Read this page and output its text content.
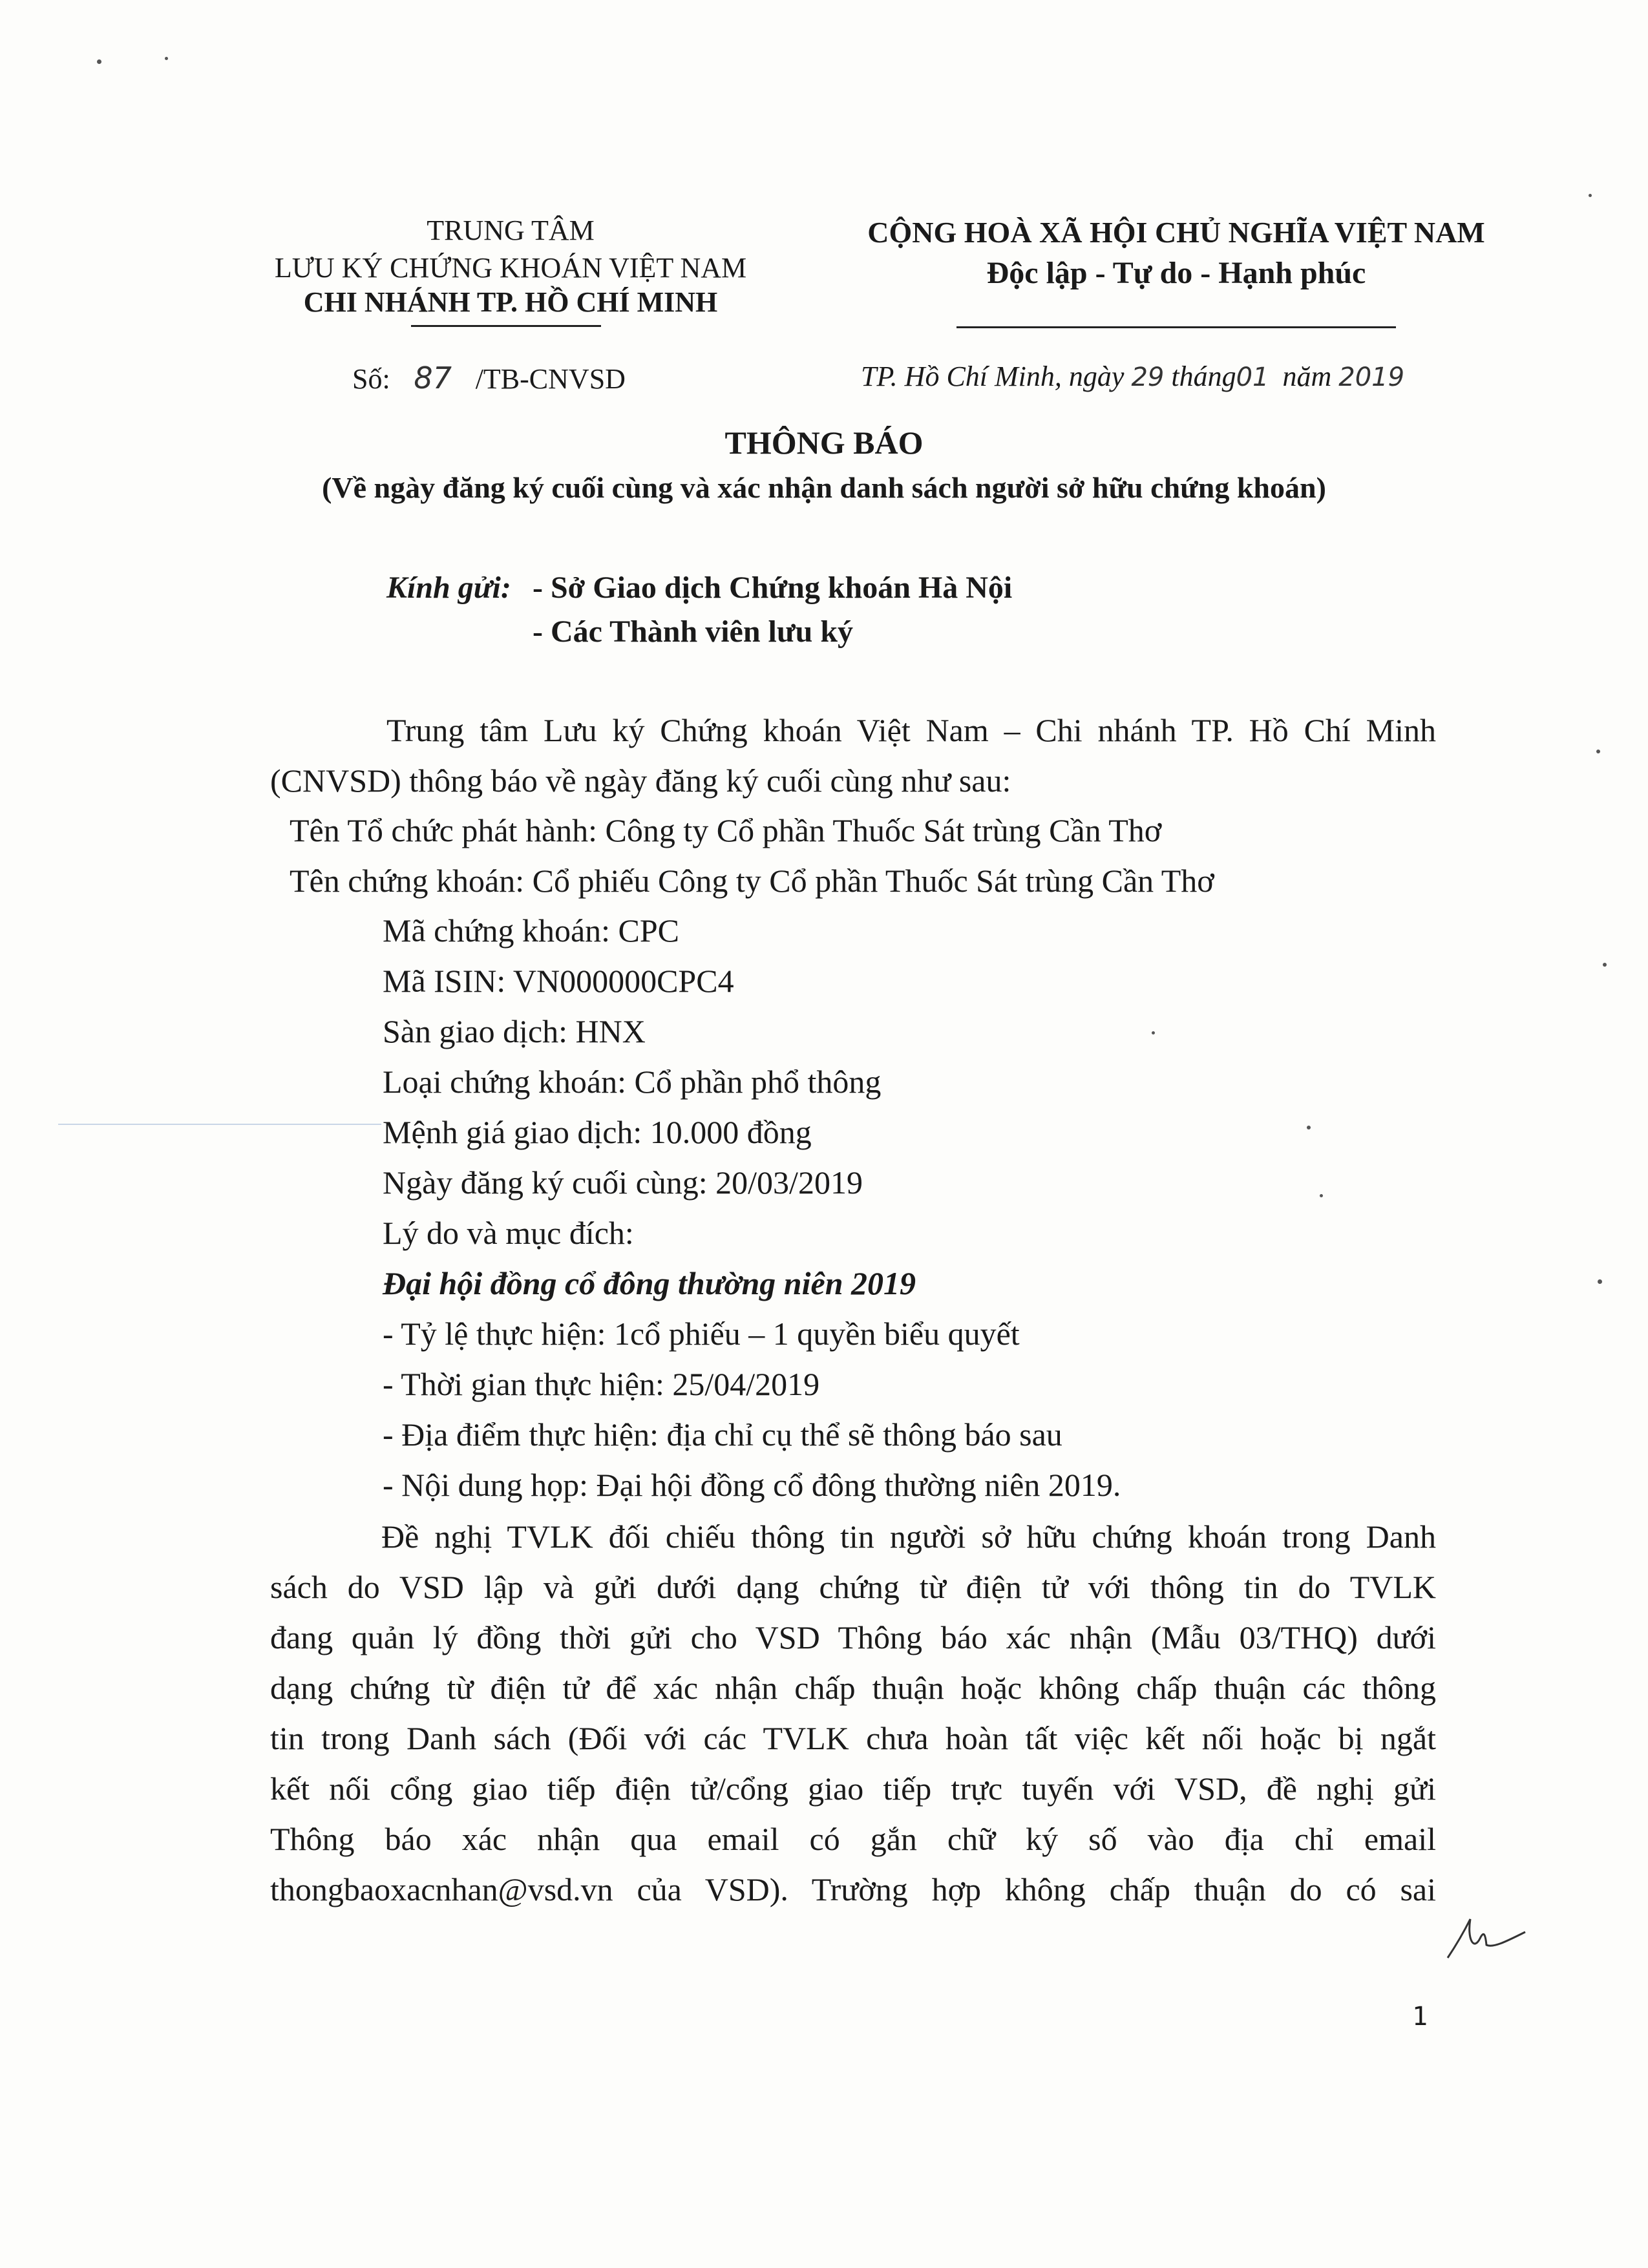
TRUNG TÂM
LƯU KÝ CHỨNG KHOÁN VIỆT NAM
CHI NHÁNH TP. HỒ CHÍ MINH
CỘNG HOÀ XÃ HỘI CHỦ NGHĨA VIỆT NAM
Độc lập - Tự do - Hạnh phúc
Số: 87 /TB-CNVSD	TP. Hồ Chí Minh, ngày 29 tháng01 năm 2019
THÔNG BÁO
(Về ngày đăng ký cuối cùng và xác nhận danh sách người sở hữu chứng khoán)
Kính gửi: - Sở Giao dịch Chứng khoán Hà Nội
- Các Thành viên lưu ký
Trung tâm Lưu ký Chứng khoán Việt Nam – Chi nhánh TP. Hồ Chí Minh
(CNVSD) thông báo về ngày đăng ký cuối cùng như sau:
Tên Tổ chức phát hành: Công ty Cổ phần Thuốc Sát trùng Cần Thơ
Tên chứng khoán: Cổ phiếu Công ty Cổ phần Thuốc Sát trùng Cần Thơ
Mã chứng khoán: CPC
Mã ISIN: VN000000CPC4
Sàn giao dịch: HNX
Loại chứng khoán: Cổ phần phổ thông
Mệnh giá giao dịch: 10.000 đồng
Ngày đăng ký cuối cùng: 20/03/2019
Lý do và mục đích:
Đại hội đồng cổ đông thường niên 2019
- Tỷ lệ thực hiện: 1cổ phiếu – 1 quyền biểu quyết
- Thời gian thực hiện: 25/04/2019
- Địa điểm thực hiện: địa chỉ cụ thể sẽ thông báo sau
- Nội dung họp: Đại hội đồng cổ đông thường niên 2019.
Đề nghị TVLK đối chiếu thông tin người sở hữu chứng khoán trong Danh
sách do VSD lập và gửi dưới dạng chứng từ điện tử với thông tin do TVLK
đang quản lý đồng thời gửi cho VSD Thông báo xác nhận (Mẫu 03/THQ) dưới
dạng chứng từ điện tử để xác nhận chấp thuận hoặc không chấp thuận các thông
tin trong Danh sách (Đối với các TVLK chưa hoàn tất việc kết nối hoặc bị ngắt
kết nối cổng giao tiếp điện tử/cổng giao tiếp trực tuyến với VSD, đề nghị gửi
Thông báo xác nhận qua email có gắn chữ ký số vào địa chỉ email
thongbaoxacnhan@vsd.vn của VSD). Trường hợp không chấp thuận do có sai
1
